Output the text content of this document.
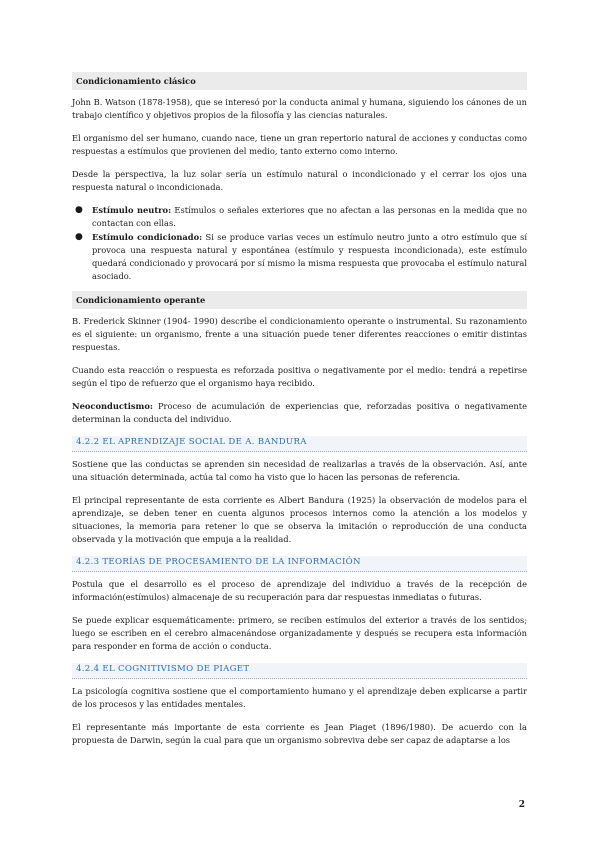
Condicionamiento clásico

John B. Watson (1878-1958), que se interesó por la conducta animal y humana, siguiendo los cánones de un trabajo científico y objetivos propios de la filosofía y las ciencias naturales.

El organismo del ser humano, cuando nace, tiene un gran repertorio natural de acciones y conductas como respuestas a estímulos que provienen del medio, tanto externo como interno.

Desde la perspectiva, la luz solar sería un estímulo natural o incondicionado y el cerrar los ojos una respuesta natural o incondicionada.

● Estímulo neutro: Estímulos o señales exteriores que no afectan a las personas en la medida que no contactan con ellas.
● Estímulo condicionado: Si se produce varias veces un estímulo neutro junto a otro estímulo que sí provoca una respuesta natural y espontánea (estímulo y respuesta incondicionada), este estímulo quedará condicionado y provocará por sí mismo la misma respuesta que provocaba el estímulo natural asociado.
Condicionamiento operante

B. Frederick Skinner (1904- 1990) describe el condicionamiento operante o instrumental. Su razonamiento es el siguiente: un organismo, frente a una situación puede tener diferentes reacciones o emitir distintas respuestas.

Cuando esta reacción o respuesta es reforzada positiva o negativamente por el medio: tendrá a repetirse según el tipo de refuerzo que el organismo haya recibido.

Neoconductismo: Proceso de acumulación de experiencias que, reforzadas positiva o negativamente determinan la conducta del individuo.

4.2.2 EL APRENDIZAJE SOCIAL DE A. BANDURA

Sostiene que las conductas se aprenden sin necesidad de realizarlas a través de la observación. Así, ante una situación determinada, actúa tal como ha visto que lo hacen las personas de referencia.

El principal representante de esta corriente es Albert Bandura (1925) la observación de modelos para el aprendizaje, se deben tener en cuenta algunos procesos internos como la atención a los modelos y situaciones, la memoria para retener lo que se observa la imitación o reproducción de una conducta observada y la motivación que empuja a la realidad.

4.2.3 TEORÍAS DE PROCESAMIENTO DE LA INFORMACIÓN

Postula que el desarrollo es el proceso de aprendizaje del individuo a través de la recepción de información(estímulos) almacenaje de su recuperación para dar respuestas inmediatas o futuras.

Se puede explicar esquemáticamente: primero, se reciben estímulos del exterior a través de los sentidos; luego se escriben en el cerebro almacenándose organizadamente y después se recupera esta información para responder en forma de acción o conducta.

4.2.4 EL COGNITIVISMO DE PIAGET

La psicología cognitiva sostiene que el comportamiento humano y el aprendizaje deben explicarse a partir de los procesos y las entidades mentales.

El representante más importante de esta corriente es Jean Piaget (1896/1980). De acuerdo con la propuesta de Darwin, según la cual para que un organismo sobreviva debe ser capaz de adaptarse a los

2
